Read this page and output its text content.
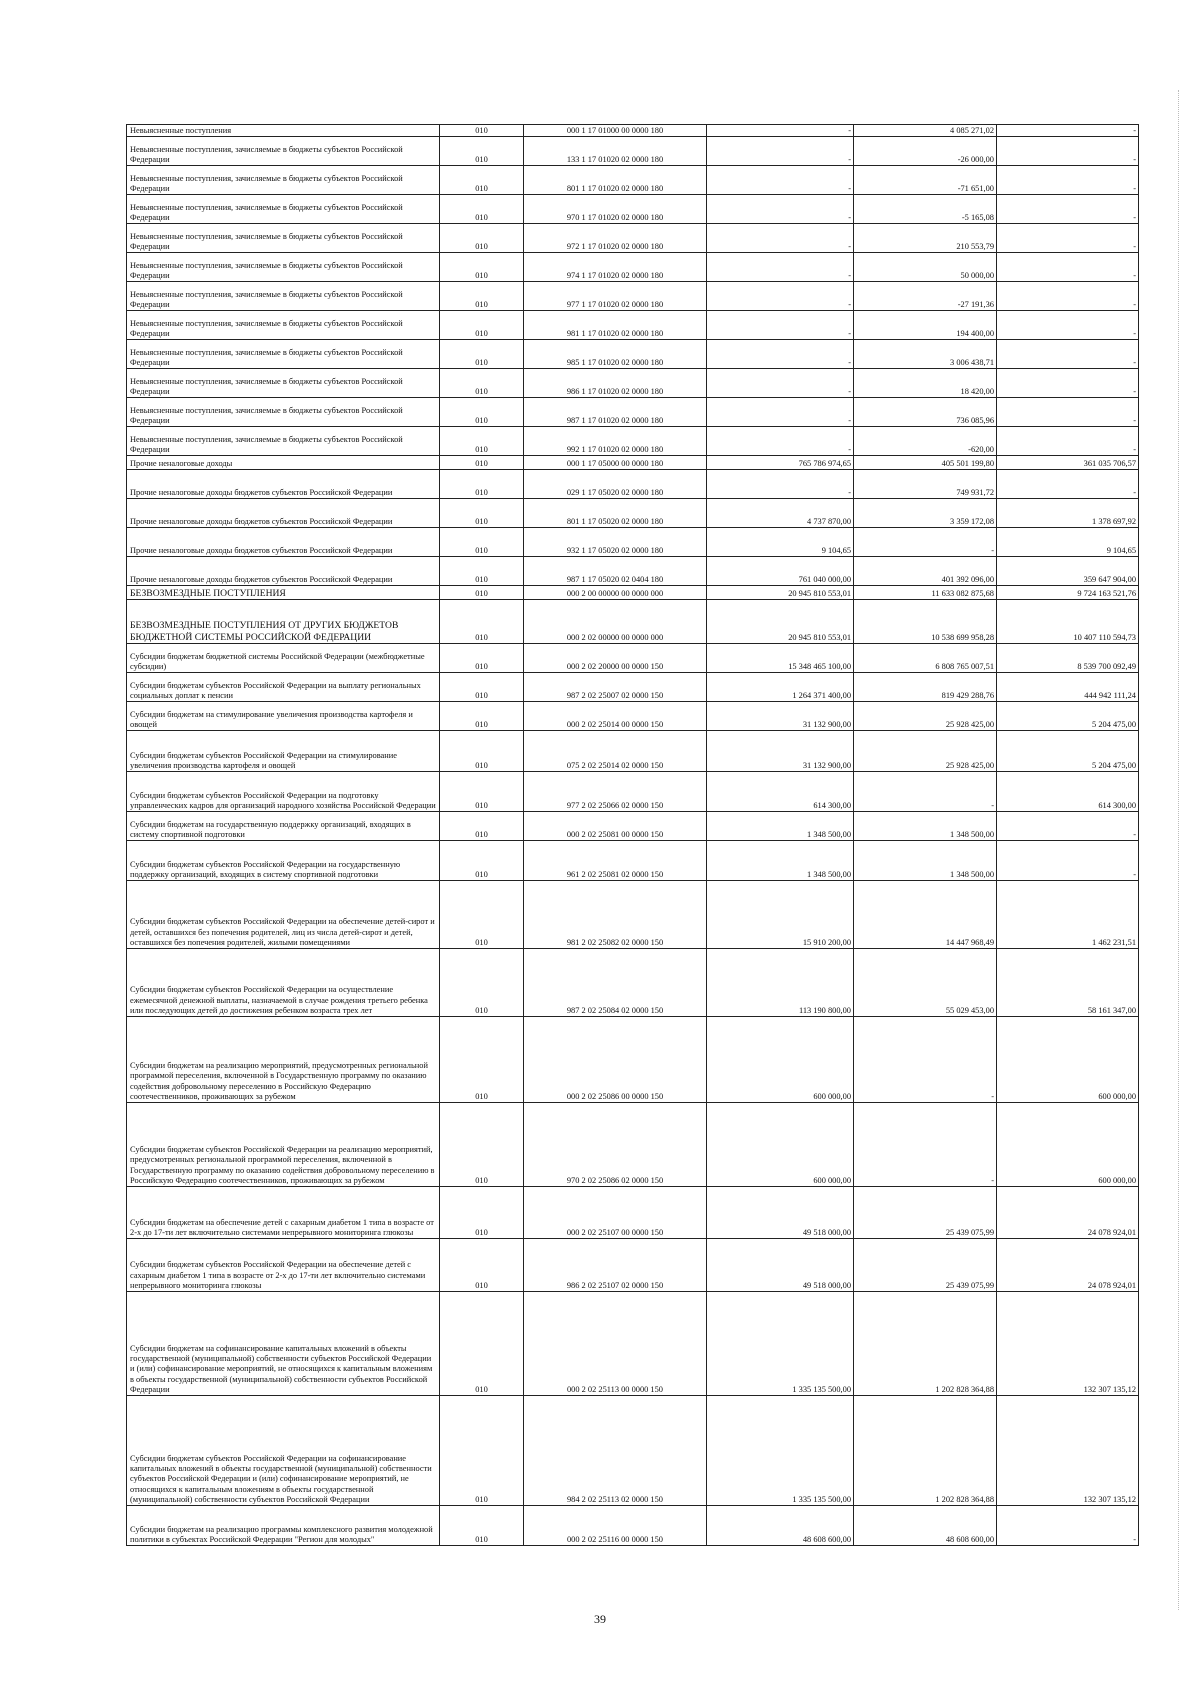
Невыясненные поступления	010	000 1 17 01000 00 0000 180	-	4 085 271,02	-
Невыясненные поступления, зачисляемые в бюджеты субъектов Российской Федерации	010	133 1 17 01020 02 0000 180	-	-26 000,00	-
Невыясненные поступления, зачисляемые в бюджеты субъектов Российской Федерации	010	801 1 17 01020 02 0000 180	-	-71 651,00	-
Невыясненные поступления, зачисляемые в бюджеты субъектов Российской Федерации	010	970 1 17 01020 02 0000 180	-	-5 165,08	-
Невыясненные поступления, зачисляемые в бюджеты субъектов Российской Федерации	010	972 1 17 01020 02 0000 180	-	210 553,79	-
Невыясненные поступления, зачисляемые в бюджеты субъектов Российской Федерации	010	974 1 17 01020 02 0000 180	-	50 000,00	-
Невыясненные поступления, зачисляемые в бюджеты субъектов Российской Федерации	010	977 1 17 01020 02 0000 180	-	-27 191,36	-
Невыясненные поступления, зачисляемые в бюджеты субъектов Российской Федерации	010	981 1 17 01020 02 0000 180	-	194 400,00	-
Невыясненные поступления, зачисляемые в бюджеты субъектов Российской Федерации	010	985 1 17 01020 02 0000 180	-	3 006 438,71	-
Невыясненные поступления, зачисляемые в бюджеты субъектов Российской Федерации	010	986 1 17 01020 02 0000 180	-	18 420,00	-
Невыясненные поступления, зачисляемые в бюджеты субъектов Российской Федерации	010	987 1 17 01020 02 0000 180	-	736 085,96	-
Невыясненные поступления, зачисляемые в бюджеты субъектов Российской Федерации	010	992 1 17 01020 02 0000 180	-	-620,00	-
Прочие неналоговые доходы	010	000 1 17 05000 00 0000 180	765 786 974,65	405 501 199,80	361 035 706,57
Прочие неналоговые доходы бюджетов субъектов Российской Федерации	010	029 1 17 05020 02 0000 180	-	749 931,72	-
Прочие неналоговые доходы бюджетов субъектов Российской Федерации	010	801 1 17 05020 02 0000 180	4 737 870,00	3 359 172,08	1 378 697,92
Прочие неналоговые доходы бюджетов субъектов Российской Федерации	010	932 1 17 05020 02 0000 180	9 104,65	-	9 104,65
Прочие неналоговые доходы бюджетов субъектов Российской Федерации	010	987 1 17 05020 02 0404 180	761 040 000,00	401 392 096,00	359 647 904,00
БЕЗВОЗМЕЗДНЫЕ ПОСТУПЛЕНИЯ	010	000 2 00 00000 00 0000 000	20 945 810 553,01	11 633 082 875,68	9 724 163 521,76
БЕЗВОЗМЕЗДНЫЕ ПОСТУПЛЕНИЯ ОТ ДРУГИХ БЮДЖЕТОВ БЮДЖЕТНОЙ СИСТЕМЫ РОССИЙСКОЙ ФЕДЕРАЦИИ	010	000 2 02 00000 00 0000 000	20 945 810 553,01	10 538 699 958,28	10 407 110 594,73
Субсидии бюджетам бюджетной системы Российской Федерации (межбюджетные субсидии)	010	000 2 02 20000 00 0000 150	15 348 465 100,00	6 808 765 007,51	8 539 700 092,49
Субсидии бюджетам субъектов Российской Федерации на выплату региональных социальных доплат к пенсии	010	987 2 02 25007 02 0000 150	1 264 371 400,00	819 429 288,76	444 942 111,24
Субсидии бюджетам на стимулирование увеличения производства картофеля и овощей	010	000 2 02 25014 00 0000 150	31 132 900,00	25 928 425,00	5 204 475,00
Субсидии бюджетам субъектов Российской Федерации на стимулирование увеличения производства картофеля и овощей	010	075 2 02 25014 02 0000 150	31 132 900,00	25 928 425,00	5 204 475,00
Субсидии бюджетам субъектов Российской Федерации на подготовку управленческих кадров для организаций народного хозяйства Российской Федерации	010	977 2 02 25066 02 0000 150	614 300,00	-	614 300,00
Субсидии бюджетам на государственную поддержку организаций, входящих в систему спортивной подготовки	010	000 2 02 25081 00 0000 150	1 348 500,00	1 348 500,00	-
Субсидии бюджетам субъектов Российской Федерации на государственную поддержку организаций, входящих в систему спортивной подготовки	010	961 2 02 25081 02 0000 150	1 348 500,00	1 348 500,00	-
Субсидии бюджетам субъектов Российской Федерации на обеспечение детей-сирот и детей, оставшихся без попечения родителей, лиц из числа детей-сирот и детей, оставшихся без попечения родителей, жилыми помещениями	010	981 2 02 25082 02 0000 150	15 910 200,00	14 447 968,49	1 462 231,51
Субсидии бюджетам субъектов Российской Федерации на осуществление ежемесячной денежной выплаты, назначаемой в случае рождения третьего ребенка или последующих детей до достижения ребенком возраста трех лет	010	987 2 02 25084 02 0000 150	113 190 800,00	55 029 453,00	58 161 347,00
Субсидии бюджетам на реализацию мероприятий, предусмотренных региональной программой переселения, включенной в Государственную программу по оказанию содействия добровольному переселению в Российскую Федерацию соотечественников, проживающих за рубежом	010	000 2 02 25086 00 0000 150	600 000,00	-	600 000,00
Субсидии бюджетам субъектов Российской Федерации на реализацию мероприятий, предусмотренных региональной программой переселения, включенной в Государственную программу по оказанию содействия добровольному переселению в Российскую Федерацию соотечественников, проживающих за рубежом	010	970 2 02 25086 02 0000 150	600 000,00	-	600 000,00
Субсидии бюджетам на обеспечение детей с сахарным диабетом 1 типа в возрасте от 2-х до 17-ти лет включительно системами непрерывного мониторинга глюкозы	010	000 2 02 25107 00 0000 150	49 518 000,00	25 439 075,99	24 078 924,01
Субсидии бюджетам субъектов Российской Федерации на обеспечение детей с сахарным диабетом 1 типа в возрасте от 2-х до 17-ти лет включительно системами непрерывного мониторинга глюкозы	010	986 2 02 25107 02 0000 150	49 518 000,00	25 439 075,99	24 078 924,01
Субсидии бюджетам на софинансирование капитальных вложений в объекты государственной (муниципальной) собственности субъектов Российской Федерации и (или) софинансирование мероприятий, не относящихся к капитальным вложениям в объекты государственной (муниципальной) собственности субъектов Российской Федерации	010	000 2 02 25113 00 0000 150	1 335 135 500,00	1 202 828 364,88	132 307 135,12
Субсидии бюджетам субъектов Российской Федерации на софинансирование капитальных вложений в объекты государственной (муниципальной) собственности субъектов Российской Федерации и (или) софинансирование мероприятий, не относящихся к капитальным вложениям в объекты государственной (муниципальной) собственности субъектов Российской Федерации	010	984 2 02 25113 02 0000 150	1 335 135 500,00	1 202 828 364,88	132 307 135,12
Субсидии бюджетам на реализацию программы комплексного развития молодежной политики в субъектах Российской Федерации "Регион для молодых"	010	000 2 02 25116 00 0000 150	48 608 600,00	48 608 600,00	-
39
